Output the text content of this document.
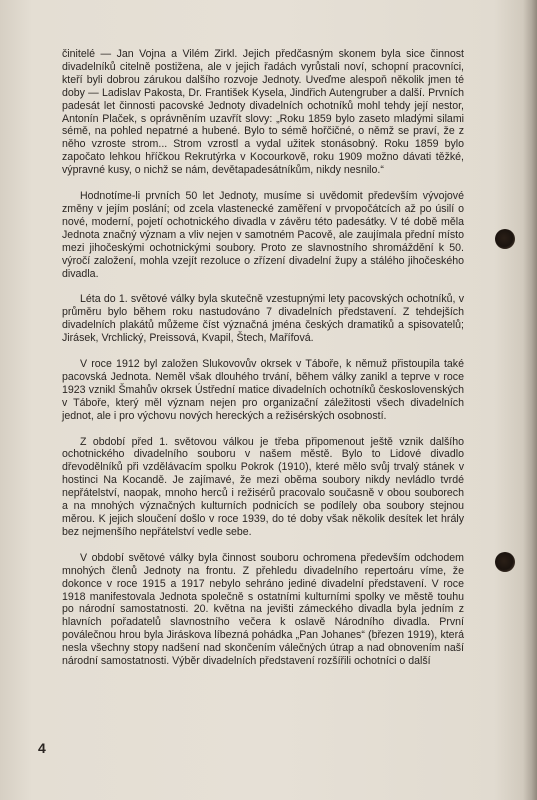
činitelé — Jan Vojna a Vilém Zirkl. Jejich předčasným skonem byla sice činnost divadelníků citelně postižena, ale v jejich řadách vyrůstali noví, schopní pracovníci, kteří byli dobrou zárukou dalšího rozvoje Jednoty. Uveďme alespoň několik jmen té doby — Ladislav Pakosta, Dr. František Kysela, Jindřich Autengruber a další. Prvních padesát let činnosti pacovské Jednoty divadelních ochotníků mohl tehdy její nestor, Antonín Plaček, s oprávněním uzavřít slovy: „Roku 1859 bylo zaseto mladými silami sémě, na pohled nepatrné a hubené. Bylo to sémě hořčičné, o němž se praví, že z něho vzroste strom... Strom vzrostl a vydal užitek stonásobný. Roku 1859 bylo započato lehkou hříčkou Rekrutýrka v Kocourkově, roku 1909 možno dávati těžké, výpravné kusy, o nichž se nám, devětapadesátníkům, nikdy nesnilo.“

Hodnotíme-li prvních 50 let Jednoty, musíme si uvědomit především vývojové změny v jejím poslání; od zcela vlastenecké zaměření v prvopočátcích až po úsilí o nové, moderní, pojetí ochotnického divadla v závěru této padesátky. V té době měla Jednota značný význam a vliv nejen v samotném Pacově, ale zaujímala přední místo mezi jihočeskými ochotnickými soubory. Proto ze slavnostního shromáždění k 50. výročí založení, mohla vzejít rezoluce o zřízení divadelní župy a stálého jihočeského divadla.

Léta do 1. světové války byla skutečně vzestupnými lety pacovských ochotníků, v průměru bylo během roku nastudováno 7 divadelních představení. Z tehdejších divadelních plakátů můžeme číst význačná jména českých dramatiků a spisovatelů; Jirásek, Vrchlický, Preissová, Kvapil, Štech, Mařífová.

V roce 1912 byl založen Slukovovův okrsek v Táboře, k němuž přistoupila také pacovská Jednota. Neměl však dlouhého trvání, během války zanikl a teprve v roce 1923 vznikl Šmahův okrsek Ústřední matice divadelních ochotníků československých v Táboře, který měl význam nejen pro organizační záležitosti všech divadelních jednot, ale i pro výchovu nových hereckých a režisérských osobností.

Z období před 1. světovou válkou je třeba připomenout ještě vznik dalšího ochotnického divadelního souboru v našem městě. Bylo to Lidové divadlo dřevodělníků při vzdělávacím spolku Pokrok (1910), které mělo svůj trvalý stánek v hostinci Na Kocandě. Je zajímavé, že mezi oběma soubory nikdy nevládlo tvrdé nepřátelství, naopak, mnoho herců i režisérů pracovalo současně v obou souborech a na mnohých význačných kulturních podnicích se podílely oba soubory stejnou měrou. K jejich sloučení došlo v roce 1939, do té doby však několik desítek let hrály bez nejmenšího nepřátelství vedle sebe.

V období světové války byla činnost souboru ochromena především odchodem mnohých členů Jednoty na frontu. Z přehledu divadelního repertoáru víme, že dokonce v roce 1915 a 1917 nebylo sehráno jediné divadelní představení. V roce 1918 manifestovala Jednota společně s ostatními kulturními spolky ve městě touhu po národní samostatnosti. 20. května na jevišti zámeckého divadla byla jedním z hlavních pořadatelů slavnostního večera k oslavě Národního divadla. První poválečnou hrou byla Jiráskova líbezná pohádka „Pan Johanes“ (březen 1919), která nesla všechny stopy nadšení nad skončením válečných útrap a nad obnovením naší národní samostatnosti. Výběr divadelních představení rozšířili ochotníci o další

4
